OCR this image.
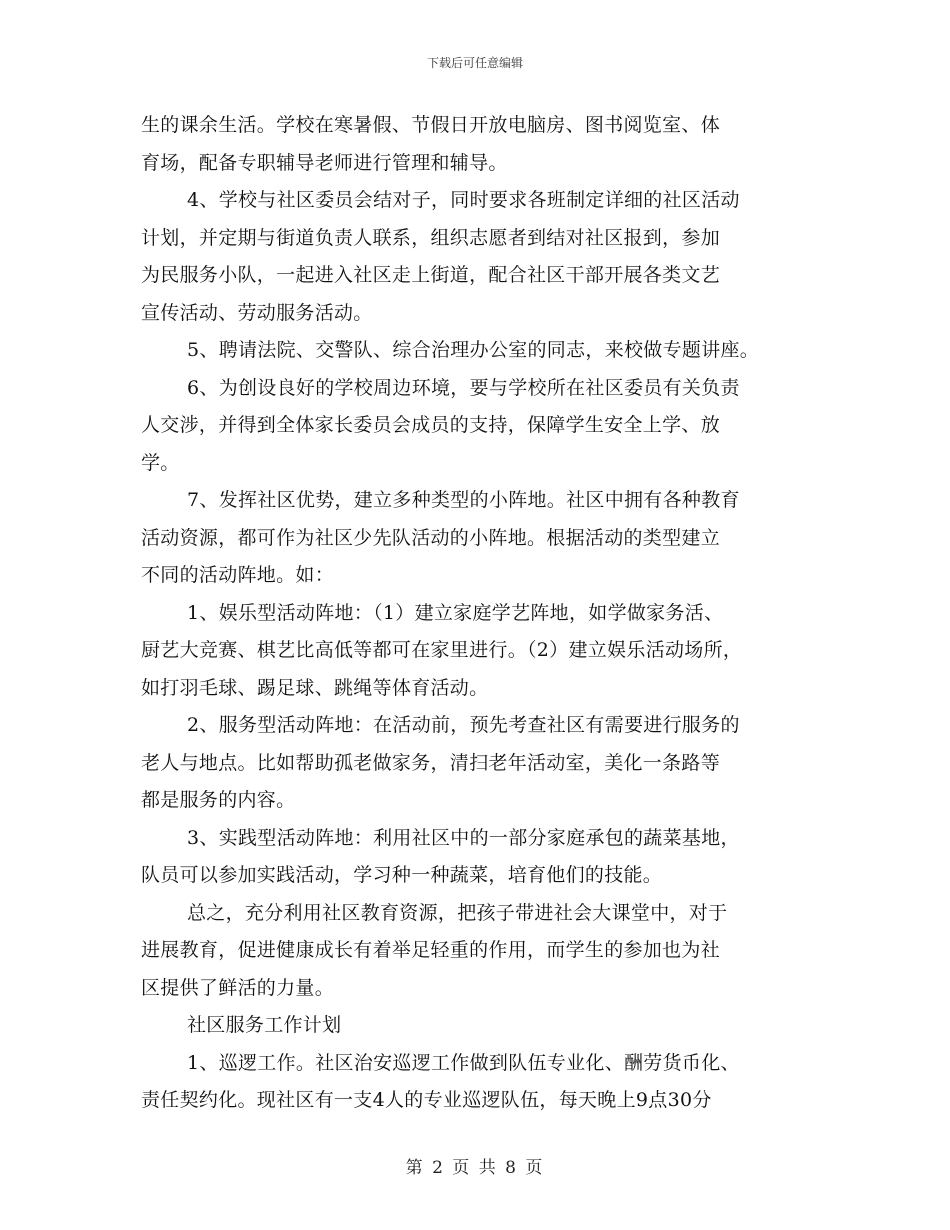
下载后可任意编辑
生的课余生活。学校在寒暑假、节假日开放电脑房、图书阅览室、体
育场，配备专职辅导老师进行管理和辅导。
4、学校与社区委员会结对子，同时要求各班制定详细的社区活动
计划，并定期与街道负责人联系，组织志愿者到结对社区报到，参加
为民服务小队，一起进入社区走上街道，配合社区干部开展各类文艺
宣传活动、劳动服务活动。
5、聘请法院、交警队、综合治理办公室的同志，来校做专题讲座。
6、为创设良好的学校周边环境，要与学校所在社区委员有关负责
人交涉，并得到全体家长委员会成员的支持，保障学生安全上学、放
学。
7、发挥社区优势，建立多种类型的小阵地。社区中拥有各种教育
活动资源，都可作为社区少先队活动的小阵地。根据活动的类型建立
不同的活动阵地。如：
1、娱乐型活动阵地：（1）建立家庭学艺阵地，如学做家务活、
厨艺大竞赛、棋艺比高低等都可在家里进行。（2）建立娱乐活动场所，
如打羽毛球、踢足球、跳绳等体育活动。
2、服务型活动阵地：在活动前，预先考查社区有需要进行服务的
老人与地点。比如帮助孤老做家务，清扫老年活动室，美化一条路等
都是服务的内容。
3、实践型活动阵地：利用社区中的一部分家庭承包的蔬菜基地，
队员可以参加实践活动，学习种一种蔬菜，培育他们的技能。
总之，充分利用社区教育资源，把孩子带进社会大课堂中，对于
进展教育，促进健康成长有着举足轻重的作用，而学生的参加也为社
区提供了鲜活的力量。
社区服务工作计划
1、巡逻工作。社区治安巡逻工作做到队伍专业化、酬劳货币化、
责任契约化。现社区有一支4人的专业巡逻队伍，每天晚上9点30分
第 2 页 共 8 页
